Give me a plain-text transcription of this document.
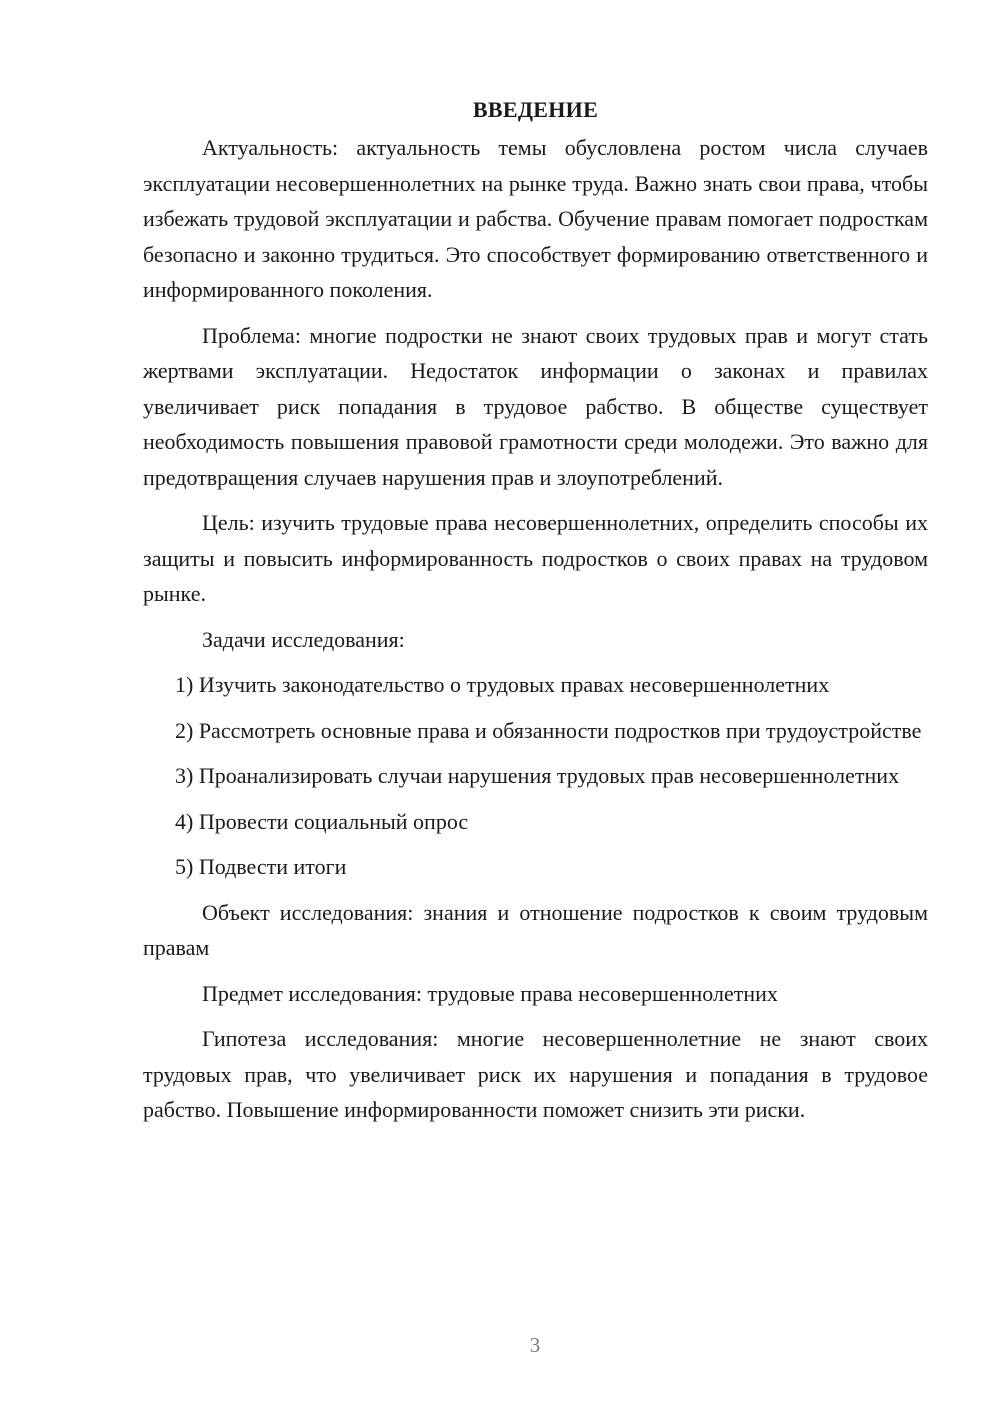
ВВЕДЕНИЕ

Актуальность: актуальность темы обусловлена ростом числа случаев эксплуатации несовершеннолетних на рынке труда. Важно знать свои права, чтобы избежать трудовой эксплуатации и рабства. Обучение правам помогает подросткам безопасно и законно трудиться. Это способствует формированию ответственного и информированного поколения.

Проблема: многие подростки не знают своих трудовых прав и могут стать жертвами эксплуатации. Недостаток информации о законах и правилах увеличивает риск попадания в трудовое рабство. В обществе существует необходимость повышения правовой грамотности среди молодежи. Это важно для предотвращения случаев нарушения прав и злоупотреблений.

Цель: изучить трудовые права несовершеннолетних, определить способы их защиты и повысить информированность подростков о своих правах на трудовом рынке.

Задачи исследования:

1) Изучить законодательство о трудовых правах несовершеннолетних

2) Рассмотреть основные права и обязанности подростков при трудоустройстве

3) Проанализировать случаи нарушения трудовых прав несовершеннолетних

4) Провести социальный опрос

5) Подвести итоги

Объект исследования: знания и отношение подростков к своим трудовым правам

Предмет исследования: трудовые права несовершеннолетних

Гипотеза исследования: многие несовершеннолетние не знают своих трудовых прав, что увеличивает риск их нарушения и попадания в трудовое рабство. Повышение информированности поможет снизить эти риски.

3
